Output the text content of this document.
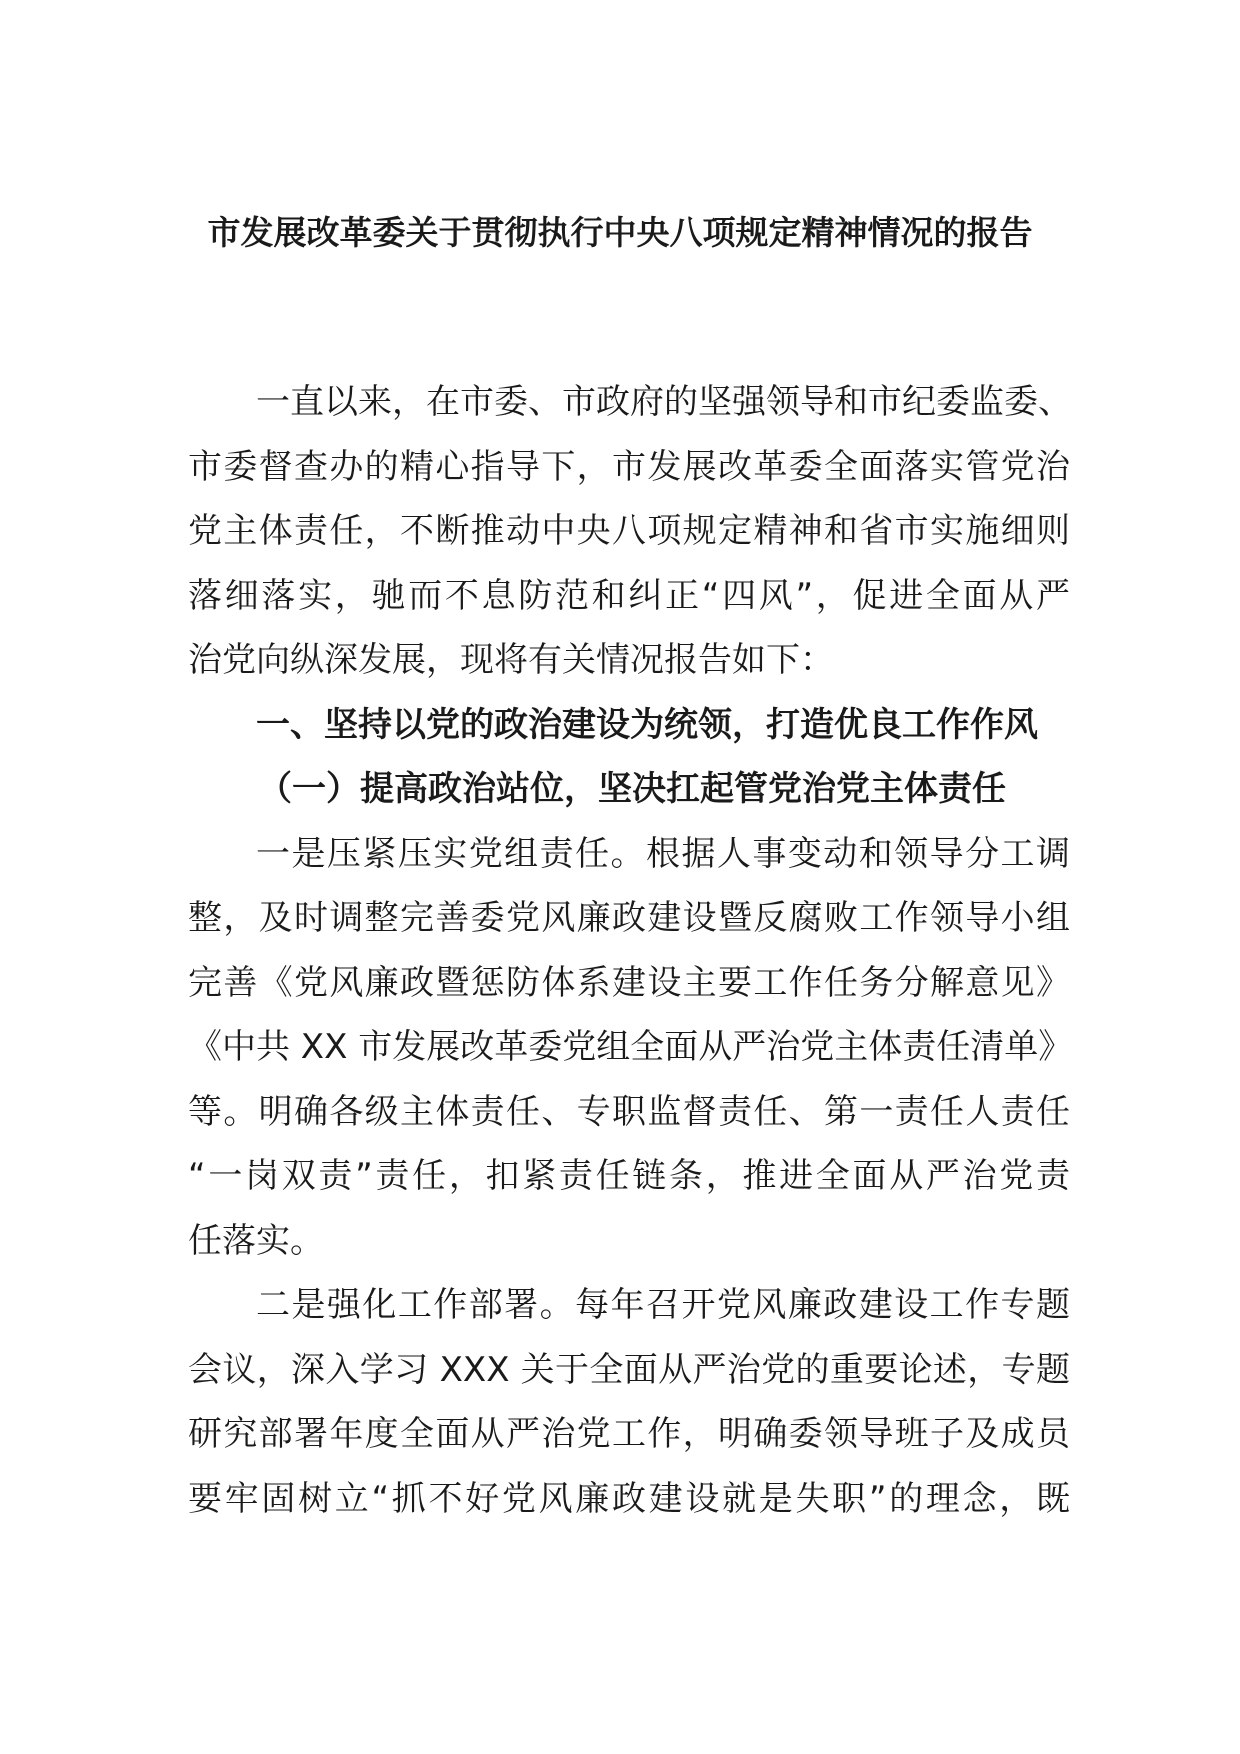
市发展改革委关于贯彻执行中央八项规定精神情况的报告
一直以来，在市委、市政府的坚强领导和市纪委监委、
市委督查办的精心指导下，市发展改革委全面落实管党治
党主体责任，不断推动中央八项规定精神和省市实施细则
落细落实，驰而不息防范和纠正“四风”，促进全面从严
治党向纵深发展，现将有关情况报告如下：
一、坚持以党的政治建设为统领，打造优良工作作风
（一）提高政治站位，坚决扛起管党治党主体责任
一是压紧压实党组责任。根据人事变动和领导分工调
整，及时调整完善委党风廉政建设暨反腐败工作领导小组
完善《党风廉政暨惩防体系建设主要工作任务分解意见》
《中共 XX 市发展改革委党组全面从严治党主体责任清单》
等。明确各级主体责任、专职监督责任、第一责任人责任
“一岗双责”责任，扣紧责任链条，推进全面从严治党责
任落实。
二是强化工作部署。每年召开党风廉政建设工作专题
会议，深入学习 XXX 关于全面从严治党的重要论述，专题
研究部署年度全面从严治党工作，明确委领导班子及成员
要牢固树立“抓不好党风廉政建设就是失职”的理念，既
